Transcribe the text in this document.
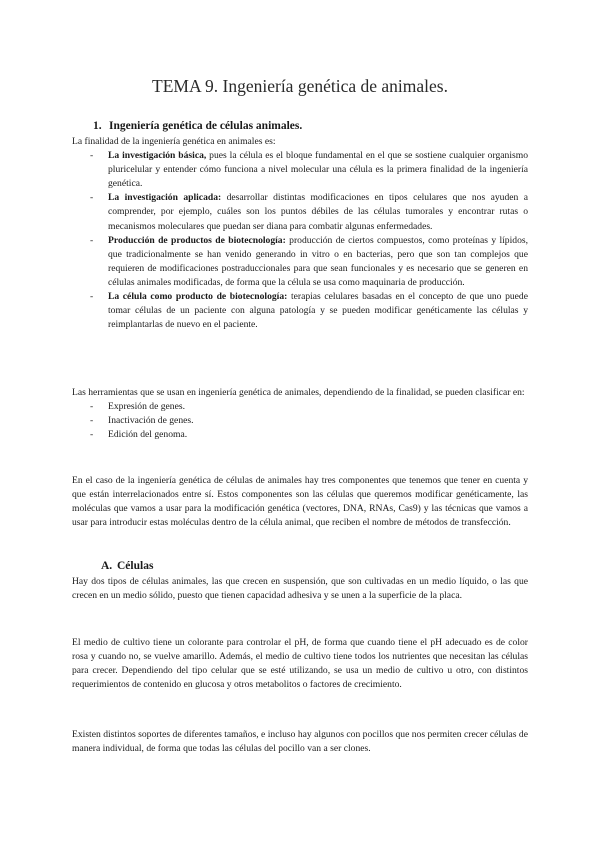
TEMA 9. Ingeniería genética de animales.
1. Ingeniería genética de células animales.

La finalidad de la ingeniería genética en animales es:

- La investigación básica, pues la célula es el bloque fundamental en el que se sostiene cualquier organismo pluricelular y entender cómo funciona a nivel molecular una célula es la primera finalidad de la ingeniería genética.
- La investigación aplicada: desarrollar distintas modificaciones en tipos celulares que nos ayuden a comprender, por ejemplo, cuáles son los puntos débiles de las células tumorales y encontrar rutas o mecanismos moleculares que puedan ser diana para combatir algunas enfermedades.
- Producción de productos de biotecnología: producción de ciertos compuestos, como proteínas y lípidos, que tradicionalmente se han venido generando in vitro o en bacterias, pero que son tan complejos que requieren de modificaciones postraduccionales para que sean funcionales y es necesario que se generen en células animales modificadas, de forma que la célula se usa como maquinaria de producción.
- La célula como producto de biotecnología: terapias celulares basadas en el concepto de que uno puede tomar células de un paciente con alguna patología y se pueden modificar genéticamente las células y reimplantarlas de nuevo en el paciente.

Las herramientas que se usan en ingeniería genética de animales, dependiendo de la finalidad, se pueden clasificar en:

- Expresión de genes.
- Inactivación de genes.
- Edición del genoma.

En el caso de la ingeniería genética de células de animales hay tres componentes que tenemos que tener en cuenta y que están interrelacionados entre sí. Estos componentes son las células que queremos modificar genéticamente, las moléculas que vamos a usar para la modificación genética (vectores, DNA, RNAs, Cas9) y las técnicas que vamos a usar para introducir estas moléculas dentro de la célula animal, que reciben el nombre de métodos de transfección.

A. Células

Hay dos tipos de células animales, las que crecen en suspensión, que son cultivadas en un medio líquido, o las que crecen en un medio sólido, puesto que tienen capacidad adhesiva y se unen a la superficie de la placa.

El medio de cultivo tiene un colorante para controlar el pH, de forma que cuando tiene el pH adecuado es de color rosa y cuando no, se vuelve amarillo. Además, el medio de cultivo tiene todos los nutrientes que necesitan las células para crecer. Dependiendo del tipo celular que se esté utilizando, se usa un medio de cultivo u otro, con distintos requerimientos de contenido en glucosa y otros metabolitos o factores de crecimiento.

Existen distintos soportes de diferentes tamaños, e incluso hay algunos con pocillos que nos permiten crecer células de manera individual, de forma que todas las células del pocillo van a ser clones.
